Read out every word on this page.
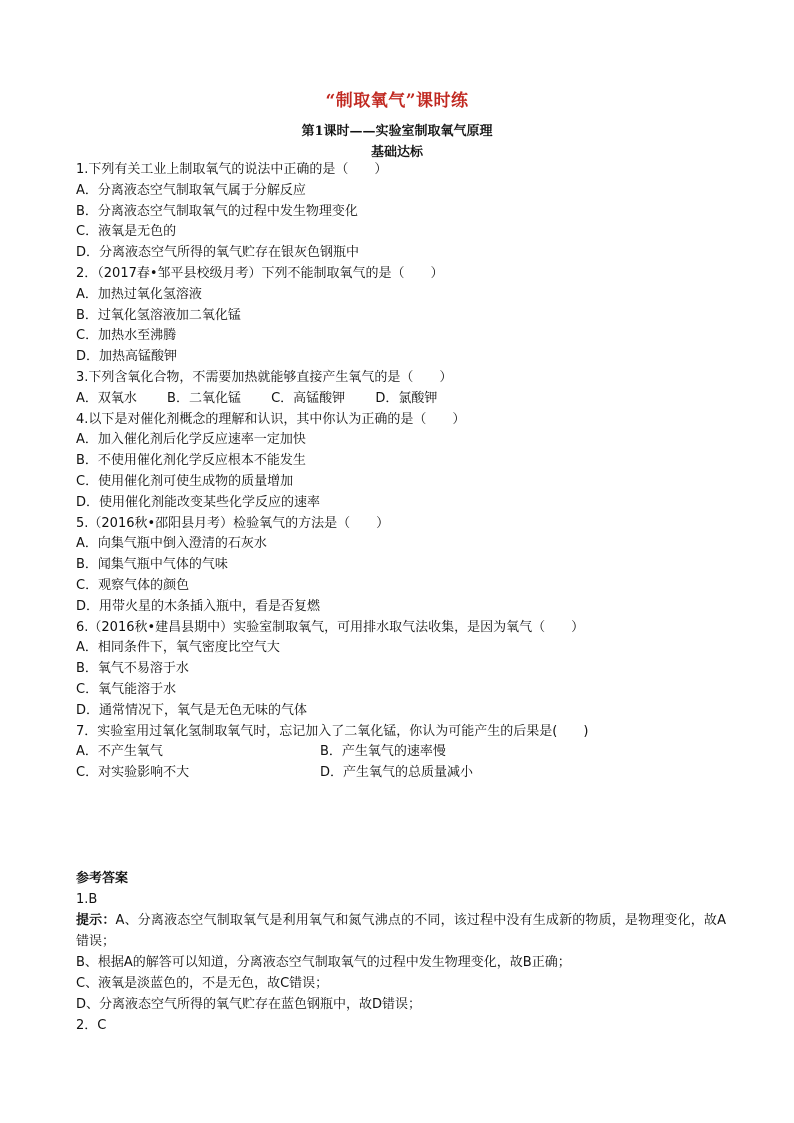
“制取氧气”课时练
第1课时——实验室制取氧气原理
基础达标
1.下列有关工业上制取氧气的说法中正确的是（　　）
A．分离液态空气制取氧气属于分解反应
B．分离液态空气制取氧气的过程中发生物理变化
C．液氧是无色的
D．分离液态空气所得的氧气贮存在银灰色钢瓶中
2．（2017春•邹平县校级月考）下列不能制取氧气的是（　　）
A．加热过氧化氢溶液
B．过氧化氢溶液加二氧化锰
C．加热水至沸腾
D．加热高锰酸钾
3.下列含氧化合物，不需要加热就能够直接产生氧气的是（　　）
A．双氧水 B．二氧化锰 C．高锰酸钾 D．氯酸钾
4.以下是对催化剂概念的理解和认识，其中你认为正确的是（　　）
A．加入催化剂后化学反应速率一定加快
B．不使用催化剂化学反应根本不能发生
C．使用催化剂可使生成物的质量增加
D．使用催化剂能改变某些化学反应的速率
5.（2016秋•邵阳县月考）检验氧气的方法是（　　）
A．向集气瓶中倒入澄清的石灰水
B．闻集气瓶中气体的气味
C．观察气体的颜色
D．用带火星的木条插入瓶中，看是否复燃
6.（2016秋•建昌县期中）实验室制取氧气，可用排水取气法收集，是因为氧气（　　）
A．相同条件下，氧气密度比空气大
B．氧气不易溶于水
C．氧气能溶于水
D．通常情况下，氧气是无色无味的气体
7．实验室用过氧化氢制取氧气时，忘记加入了二氧化锰，你认为可能产生的后果是(　　)
A．不产生氧气	B．产生氧气的速率慢
C．对实验影响不大	D．产生氧气的总质量减小
参考答案
1.B
提示：A、分离液态空气制取氧气是利用氧气和氮气沸点的不同，该过程中没有生成新的物质，是物理变化，故A错误；
B、根据A的解答可以知道，分离液态空气制取氧气的过程中发生物理变化，故B正确；
C、液氧是淡蓝色的，不是无色，故C错误；
D、分离液态空气所得的氧气贮存在蓝色钢瓶中，故D错误；
2．C
